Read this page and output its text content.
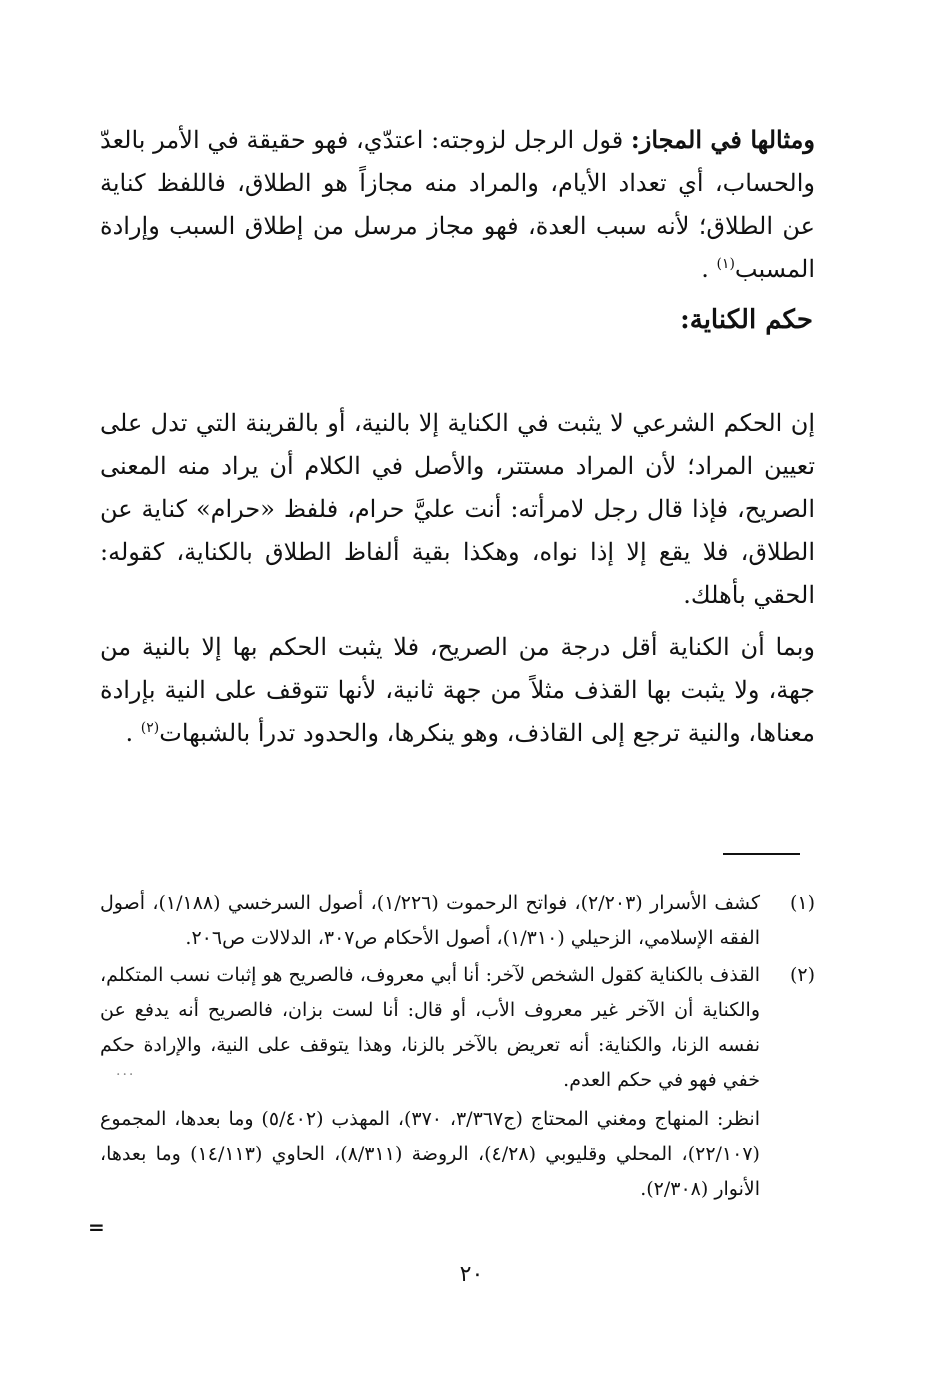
ومثالها في المجاز: قول الرجل لزوجته: اعتدّي، فهو حقيقة في الأمر بالعدّ والحساب، أي تعداد الأيام، والمراد منه مجازاً هو الطلاق، فاللفظ كناية عن الطلاق؛ لأنه سبب العدة، فهو مجاز مرسل من إطلاق السبب وإرادة المسبب$^{(١)}$ .
حكم الكناية:
إن الحكم الشرعي لا يثبت في الكناية إلا بالنية، أو بالقرينة التي تدل على تعيين المراد؛ لأن المراد مستتر، والأصل في الكلام أن يراد منه المعنى الصريح، فإذا قال رجل لامرأته: أنت عليَّ حرام، فلفظ «حرام» كناية عن الطلاق، فلا يقع إلا إذا نواه، وهكذا بقية ألفاظ الطلاق بالكناية، كقوله: الحقي بأهلك.
وبما أن الكناية أقل درجة من الصريح، فلا يثبت الحكم بها إلا بالنية من جهة، ولا يثبت بها القذف مثلاً من جهة ثانية، لأنها تتوقف على النية بإرادة معناها، والنية ترجع إلى القاذف، وهو ينكرها، والحدود تدرأ بالشبهات$^{(٢)}$ .
(١)
كشف الأسرار (٢/٢٠٣)، فواتح الرحموت (١/٢٢٦)، أصول السرخسي (١/١٨٨)، أصول الفقه الإسلامي، الزحيلي (١/٣١٠)، أصول الأحكام ص٣٠٧، الدلالات ص٢٠٦.
(٢)
القذف بالكناية كقول الشخص لآخر: أنا أبي معروف، فالصريح هو إثبات نسب المتكلم، والكناية أن الآخر غير معروف الأب، أو قال: أنا لست بزان، فالصريح أنه يدفع عن نفسه الزنا، والكناية: أنه تعريض بالآخر بالزنا، وهذا يتوقف على النية، والإرادة حكم خفي فهو في حكم العدم.
انظر: المنهاج ومغني المحتاج (ج٣/٣٦٧، ٣٧٠)، المهذب (٥/٤٠٢) وما بعدها، المجموع (٢٢/١٠٧)، المحلي وقليوبي (٤/٢٨)، الروضة (٨/٣١١)، الحاوي (١٤/١١٣) وما بعدها، الأنوار (٢/٣٠٨).
...
=
٢٠
